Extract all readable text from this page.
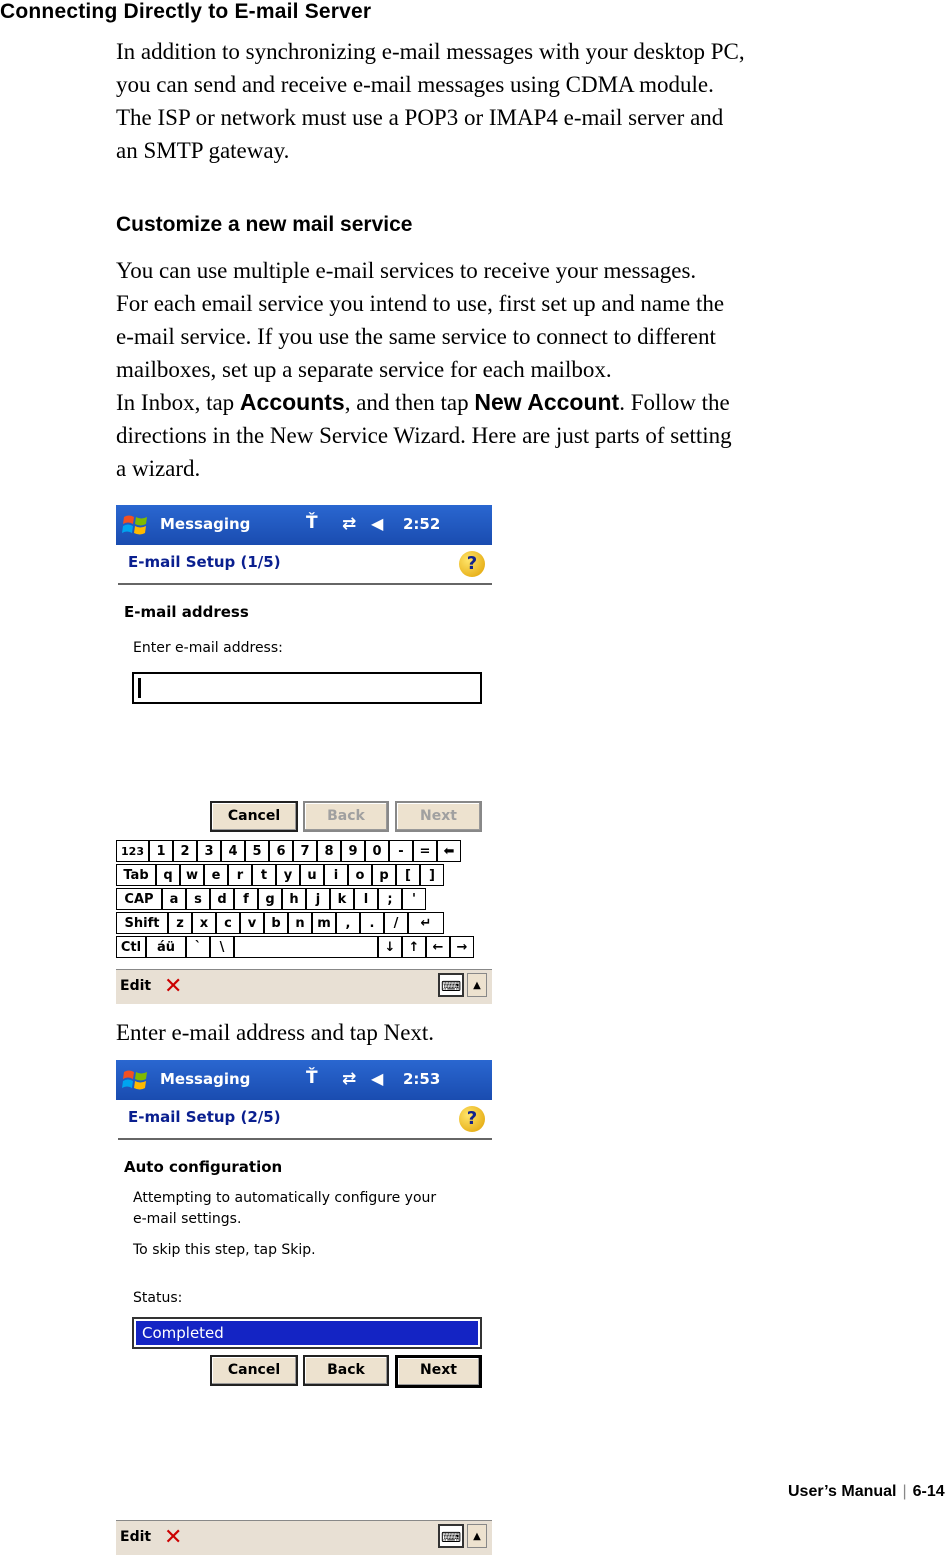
Connecting Directly to E-mail Server
In addition to synchronizing e-mail messages with your desktop PC,
you can send and receive e-mail messages using CDMA module.
The ISP or network must use a POP3 or IMAP4 e-mail server and
an SMTP gateway.
Customize a new mail service
You can use multiple e-mail services to receive your messages.
For each email service you intend to use, first set up and name the
e-mail service. If you use the same service to connect to different
mailboxes, set up a separate service for each mailbox.
In Inbox, tap Accounts, and then tap New Account. Follow the
directions in the New Service Wizard. Here are just parts of setting
a wizard.
Messaging	Ť ⇄ ◀ 2:52
E-mail Setup (1/5)	?
E-mail address
Enter e-mail address:
Cancel	Back	Next
123 1	2	3	4	5	6	7	8	9	0	-	=	⬅
Tab	q	w	e	r	t	y	u	i	o	p	[	]
CAP	a	s	d	f	g	h	j	k	l	;	'
Shift	z	x	c	v	b	n m	,	.	/	↵
Ctl	áü	`	\	↓	↑	←	→
Edit ✕	⌨	▲
Enter e-mail address and tap Next.
Messaging	Ť ⇄ ◀ 2:53
E-mail Setup (2/5)	?
Auto configuration
Attempting to automatically configure your
e-mail settings.
To skip this step, tap Skip.
Status:
Completed
Cancel	Back	Next
Edit ✕	⌨	▲
User’s Manual | 6-14
